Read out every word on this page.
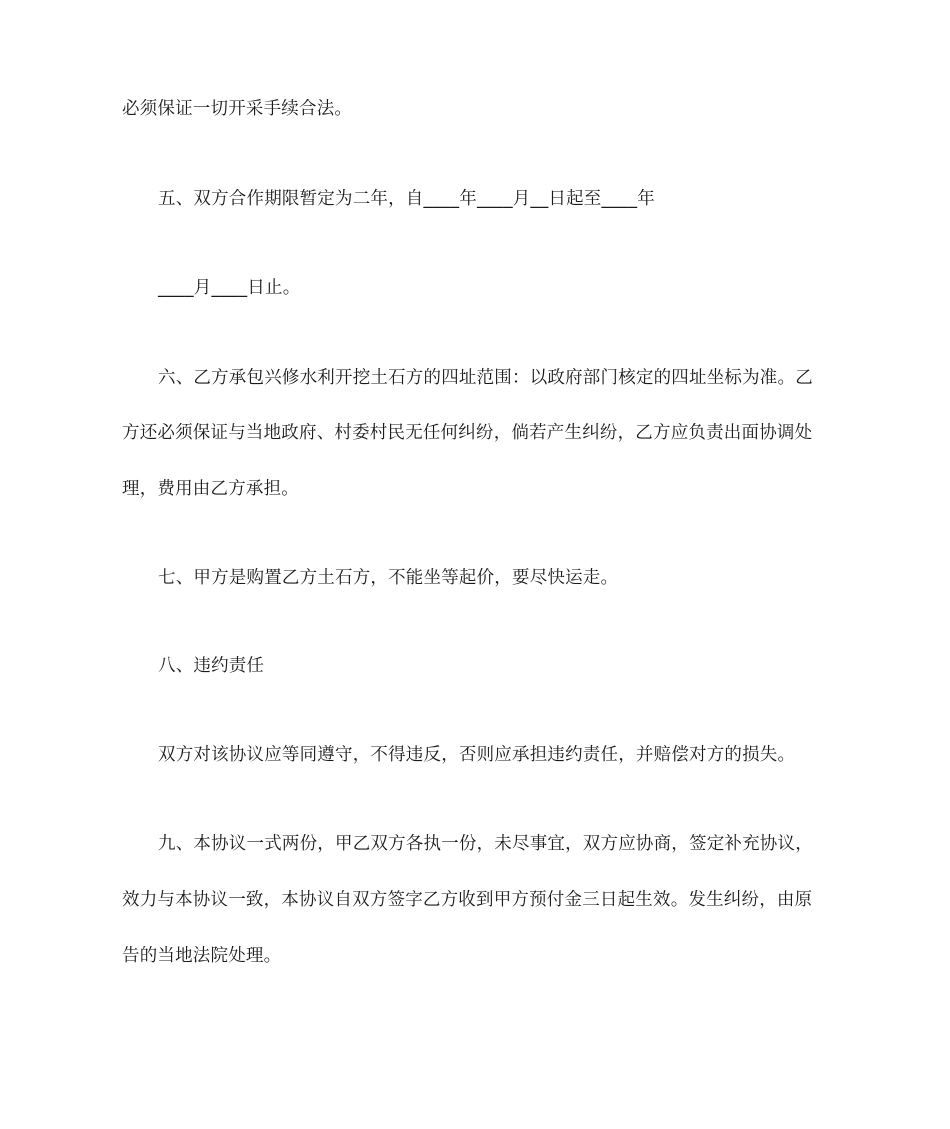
必须保证一切开采手续合法。
五、双方合作期限暂定为二年，自____年____月__日起至____年
____月____日止。
六、乙方承包兴修水利开挖土石方的四址范围：以政府部门核定的四址坐标为准。乙
方还必须保证与当地政府、村委村民无任何纠纷，倘若产生纠纷，乙方应负责出面协调处
理，费用由乙方承担。
七、甲方是购置乙方土石方，不能坐等起价，要尽快运走。
八、违约责任
双方对该协议应等同遵守，不得违反，否则应承担违约责任，并赔偿对方的损失。
九、本协议一式两份，甲乙双方各执一份，未尽事宜，双方应协商，签定补充协议，
效力与本协议一致，本协议自双方签字乙方收到甲方预付金三日起生效。发生纠纷，由原
告的当地法院处理。
